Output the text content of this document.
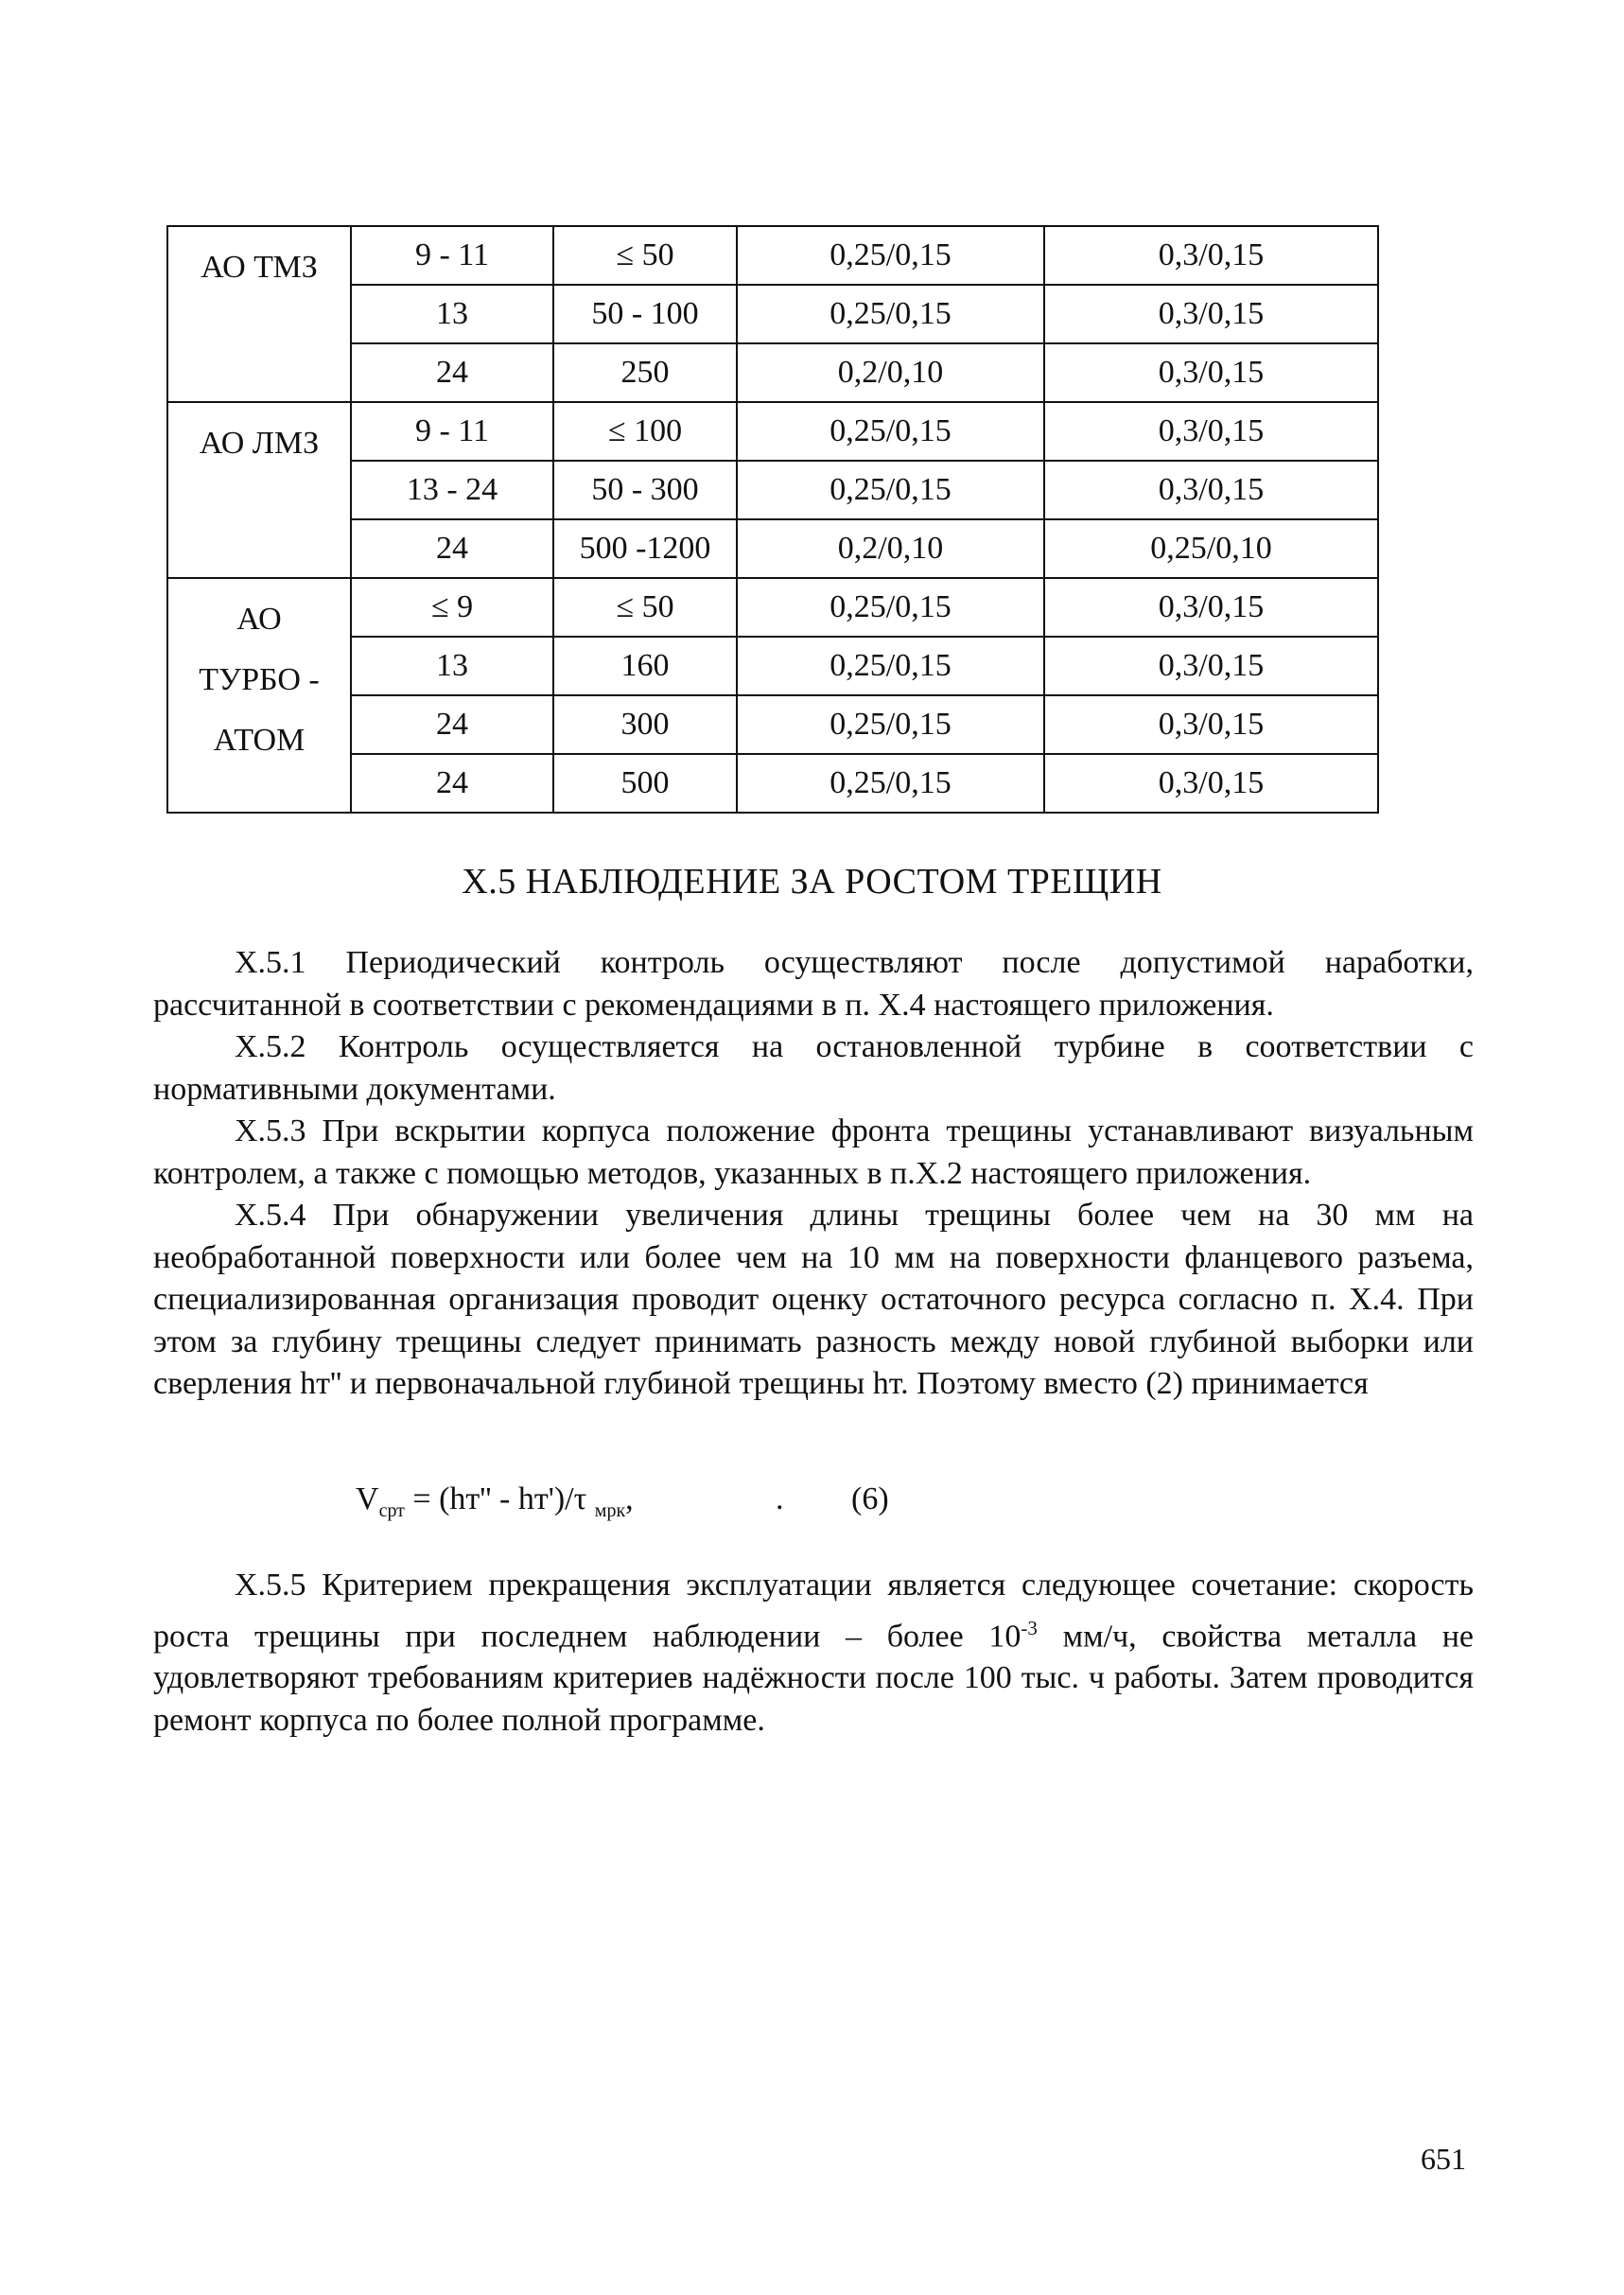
АО ТМЗ	9 - 11	≤ 50	0,25/0,15	0,3/0,15
	13	50 - 100	0,25/0,15	0,3/0,15
	24	250	0,2/0,10	0,3/0,15

АО ЛМЗ	9 - 11	≤ 100	0,25/0,15	0,3/0,15
	13 - 24	50 - 300	0,25/0,15	0,3/0,15
	24	500 -1200	0,2/0,10	0,25/0,10

АО
ТУРБО -
АТОМ	≤ 9	≤ 50	0,25/0,15	0,3/0,15
	13	160	0,25/0,15	0,3/0,15
	24	300	0,25/0,15	0,3/0,15
	24	500	0,25/0,15	0,3/0,15
X.5 НАБЛЮДЕНИЕ ЗА РОСТОМ ТРЕЩИН

X.5.1 Периодический контроль осуществляют после допустимой наработки, рассчитанной в соответствии с рекомендациями в п. X.4 настоящего приложения.

X.5.2 Контроль осуществляется на остановленной турбине в соответствии с нормативными документами.

X.5.3 При вскрытии корпуса положение фронта трещины устанавливают визуальным контролем, а также с помощью методов, указанных в п.X.2 настоящего приложения.

X.5.4 При обнаружении увеличения длины трещины более чем на 30 мм на необработанной поверхности или более чем на 10 мм на поверхности фланцевого разъема, специализированная организация проводит оценку остаточного ресурса согласно п. X.4. При этом за глубину трещины следует принимать разность между новой глубиной выборки или сверления hт'' и первоначальной глубиной трещины hт. Поэтому вместо (2) принимается

$V_{срт} = (hт'' - hт')/\tau$ $_{мрк}$,	. (6)

X.5.5 Критерием прекращения эксплуатации является следующее сочетание: скорость роста трещины при последнем наблюдении – более $10^{-3}$ мм/ч, свойства металла не удовлетворяют требованиям критериев надёжности после 100 тыс. ч работы. Затем проводится ремонт корпуса по более полной программе.

651
